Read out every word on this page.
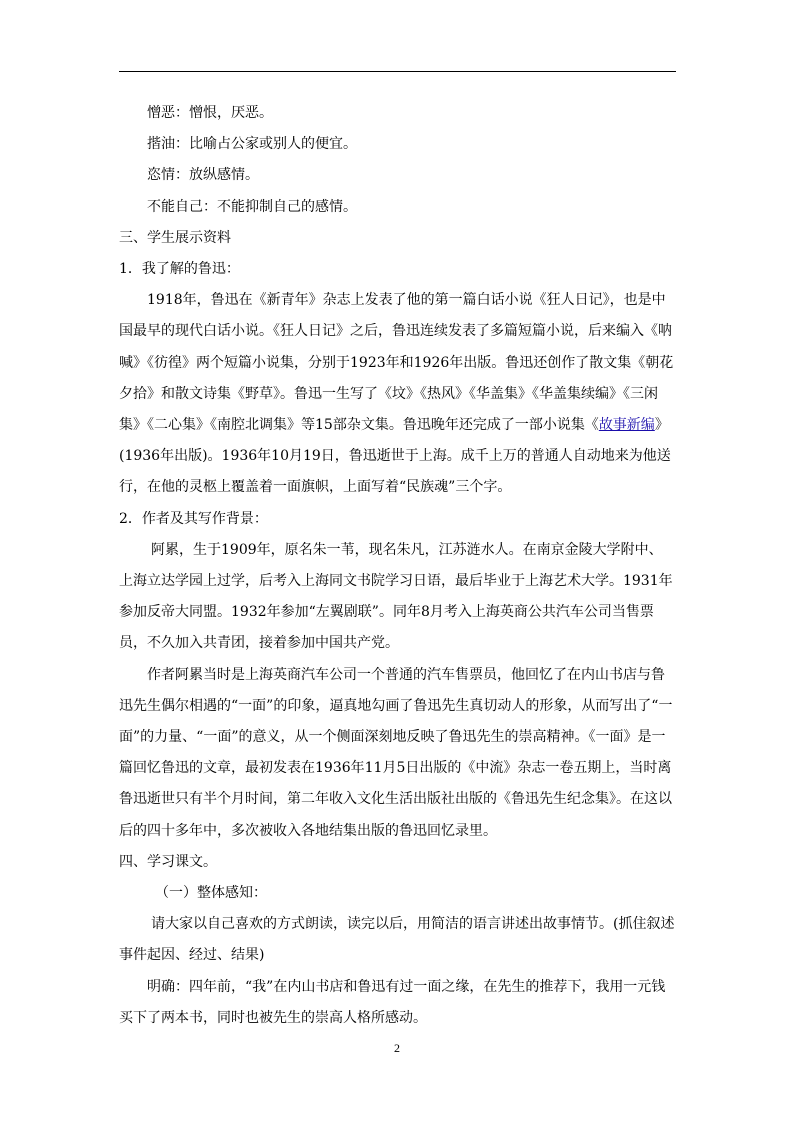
憎恶：憎恨，厌恶。

揩油：比喻占公家或别人的便宜。

恣情：放纵感情。

不能自己：不能抑制自己的感情。

三、学生展示资料

1．我了解的鲁迅：

1918年，鲁迅在《新青年》杂志上发表了他的第一篇白话小说《狂人日记》，也是中国最早的现代白话小说。《狂人日记》之后，鲁迅连续发表了多篇短篇小说，后来编入《呐喊》《彷徨》两个短篇小说集，分别于1923年和1926年出版。鲁迅还创作了散文集《朝花夕拾》和散文诗集《野草》。鲁迅一生写了《坟》《热风》《华盖集》《华盖集续编》《三闲集》《二心集》《南腔北调集》等15部杂文集。鲁迅晚年还完成了一部小说集《故事新编》(1936年出版)。1936年10月19日，鲁迅逝世于上海。成千上万的普通人自动地来为他送行，在他的灵柩上覆盖着一面旗帜，上面写着“民族魂”三个字。

2．作者及其写作背景：

阿累，生于1909年，原名朱一苇，现名朱凡，江苏涟水人。在南京金陵大学附中、上海立达学园上过学，后考入上海同文书院学习日语，最后毕业于上海艺术大学。1931年参加反帝大同盟。1932年参加“左翼剧联”。同年8月考入上海英商公共汽车公司当售票员，不久加入共青团，接着参加中国共产党。

作者阿累当时是上海英商汽车公司一个普通的汽车售票员，他回忆了在内山书店与鲁迅先生偶尔相遇的“一面”的印象，逼真地勾画了鲁迅先生真切动人的形象，从而写出了“一面”的力量、“一面”的意义，从一个侧面深刻地反映了鲁迅先生的崇高精神。《一面》是一篇回忆鲁迅的文章，最初发表在1936年11月5日出版的《中流》杂志一卷五期上，当时离鲁迅逝世只有半个月时间，第二年收入文化生活出版社出版的《鲁迅先生纪念集》。在这以后的四十多年中，多次被收入各地结集出版的鲁迅回忆录里。

四、学习课文。

（一）整体感知：

请大家以自己喜欢的方式朗读，读完以后，用简洁的语言讲述出故事情节。(抓住叙述事件起因、经过、结果)

明确：四年前，“我”在内山书店和鲁迅有过一面之缘，在先生的推荐下，我用一元钱买下了两本书，同时也被先生的崇高人格所感动。

2
